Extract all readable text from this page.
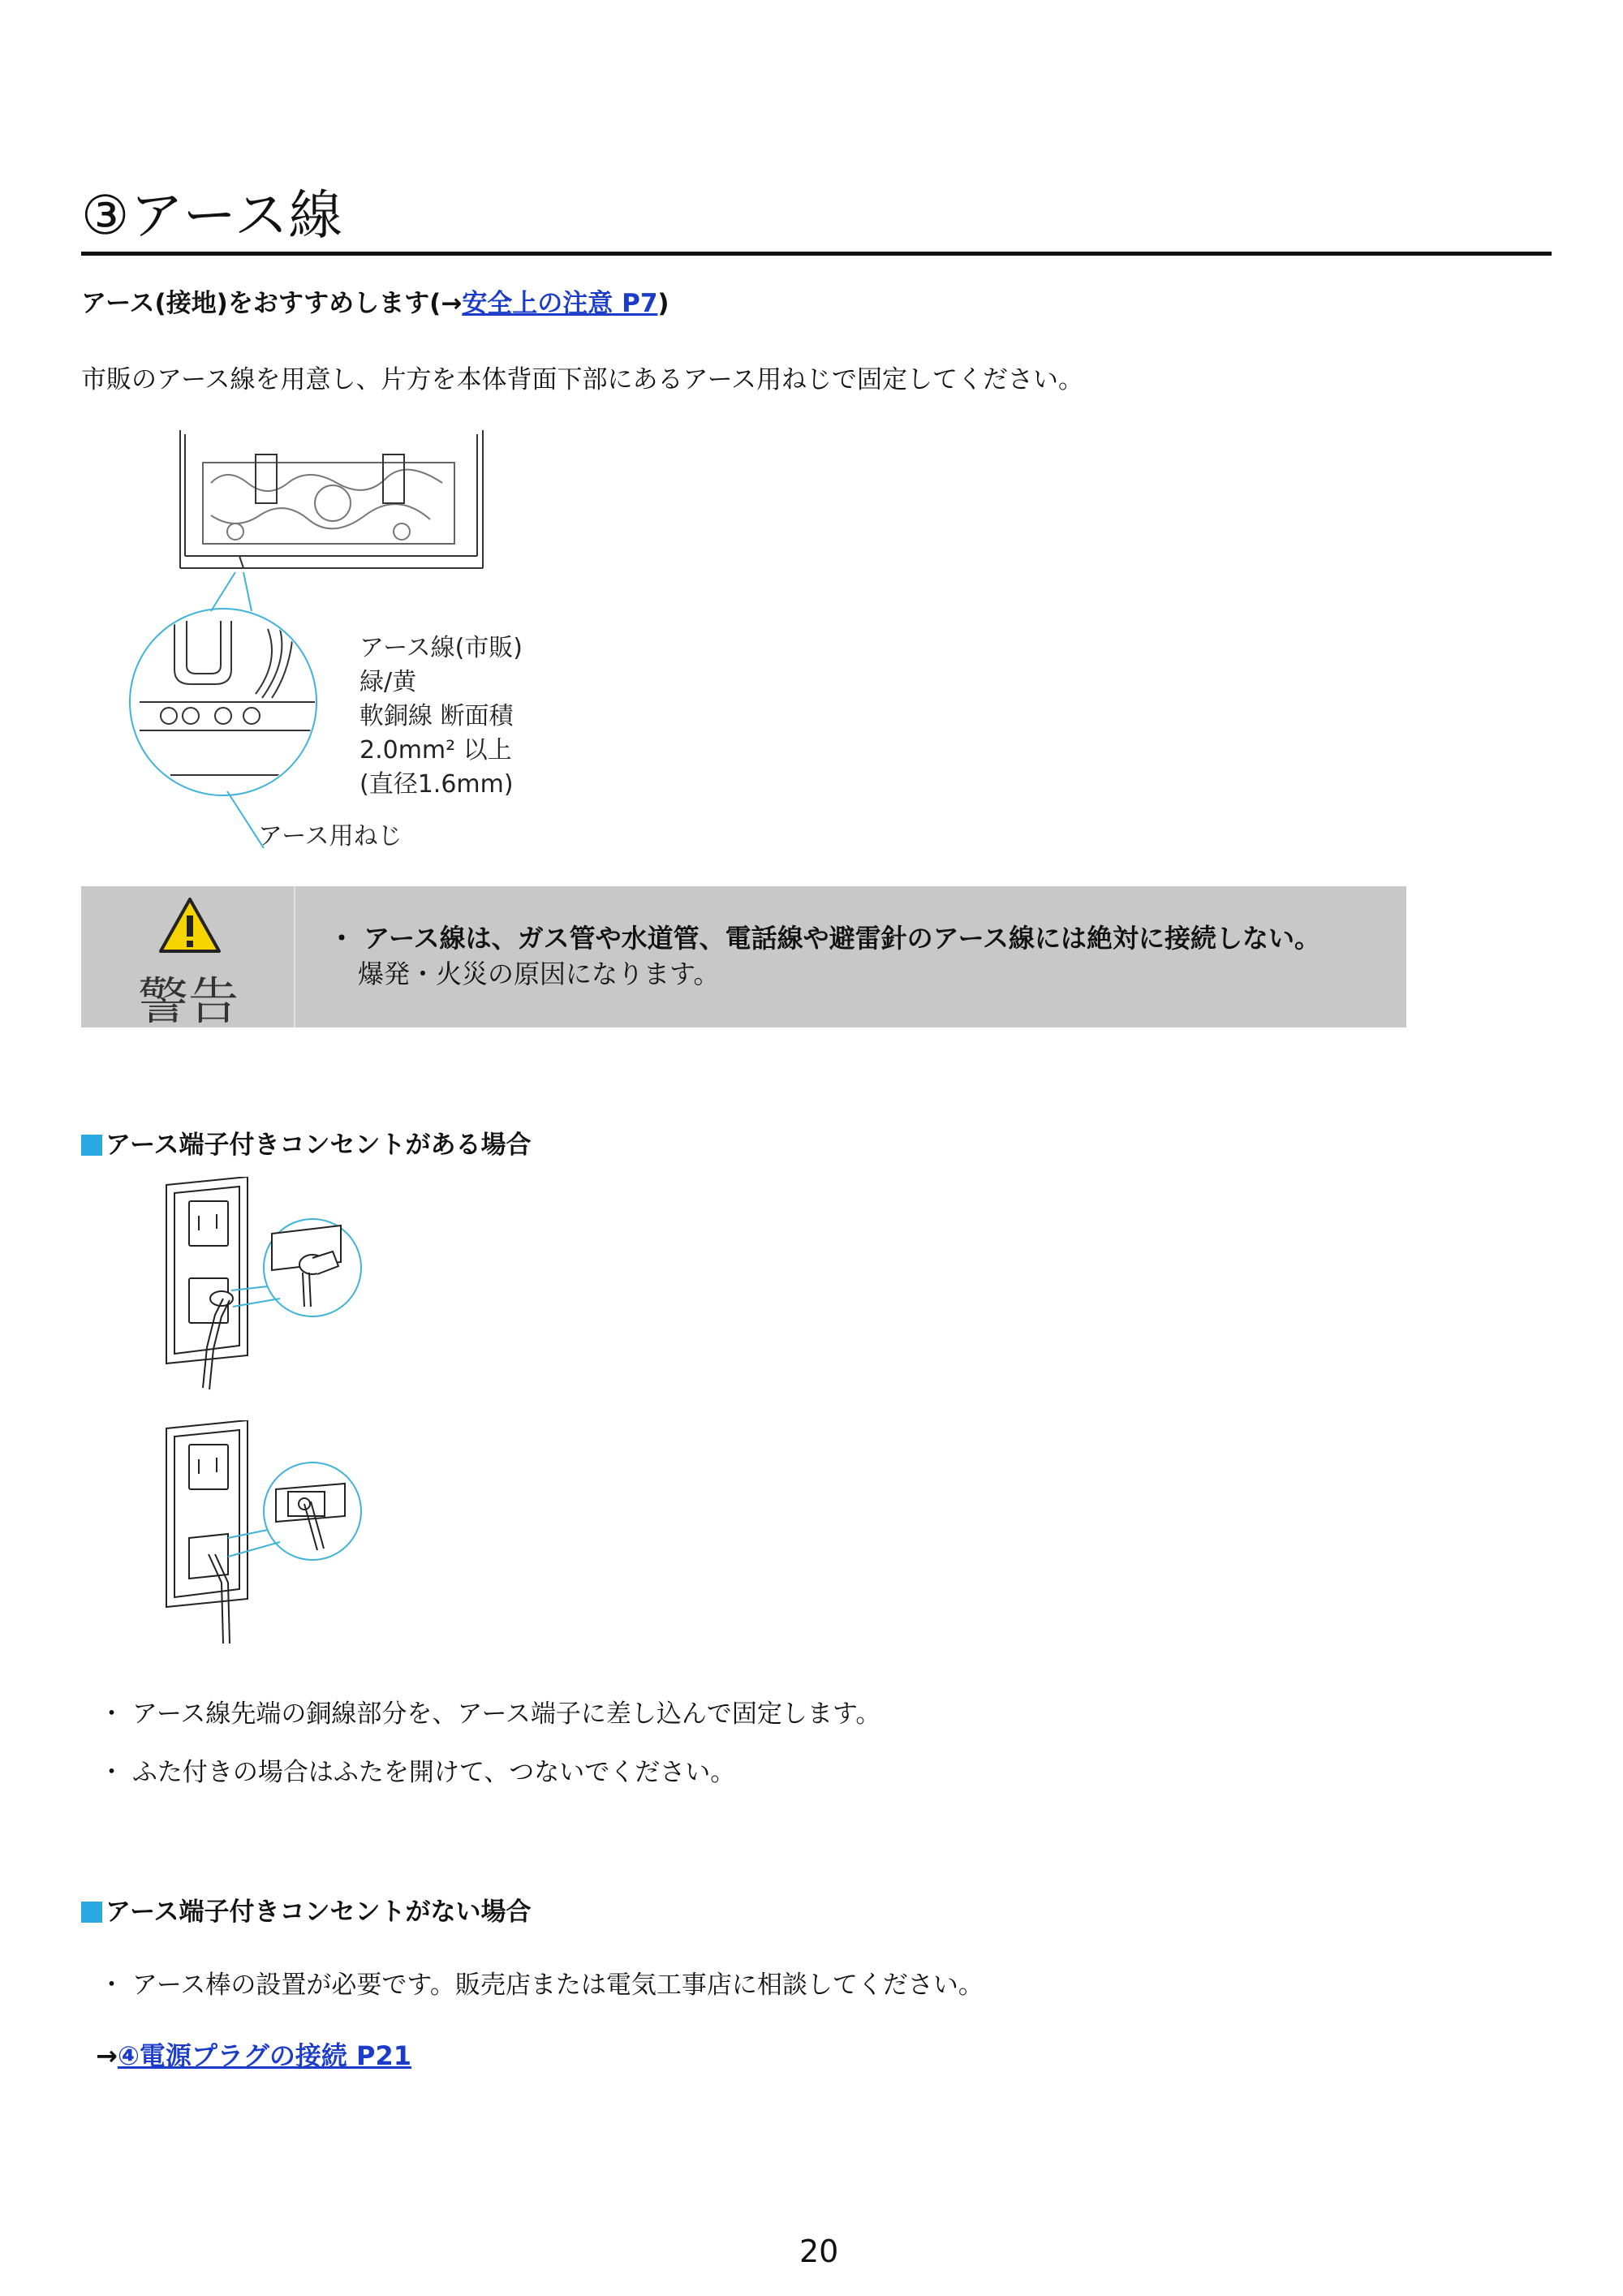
③アース線
アース(接地)をおすすめします(→安全上の注意 P7)
市販のアース線を用意し、片方を本体背面下部にあるアース用ねじで固定してください。
アース線(市販)
緑/黄
軟銅線 断面積
2.0mm² 以上
(直径1.6mm)
アース用ねじ
警告
・ アース線は、ガス管や水道管、電話線や避雷針のアース線には絶対に接続しない。
爆発・火災の原因になります。
アース端子付きコンセントがある場合
・ アース線先端の銅線部分を、アース端子に差し込んで固定します。
・ ふた付きの場合はふたを開けて、つないでください。
アース端子付きコンセントがない場合
・ アース棒の設置が必要です。販売店または電気工事店に相談してください。
→④電源プラグの接続 P21
20
